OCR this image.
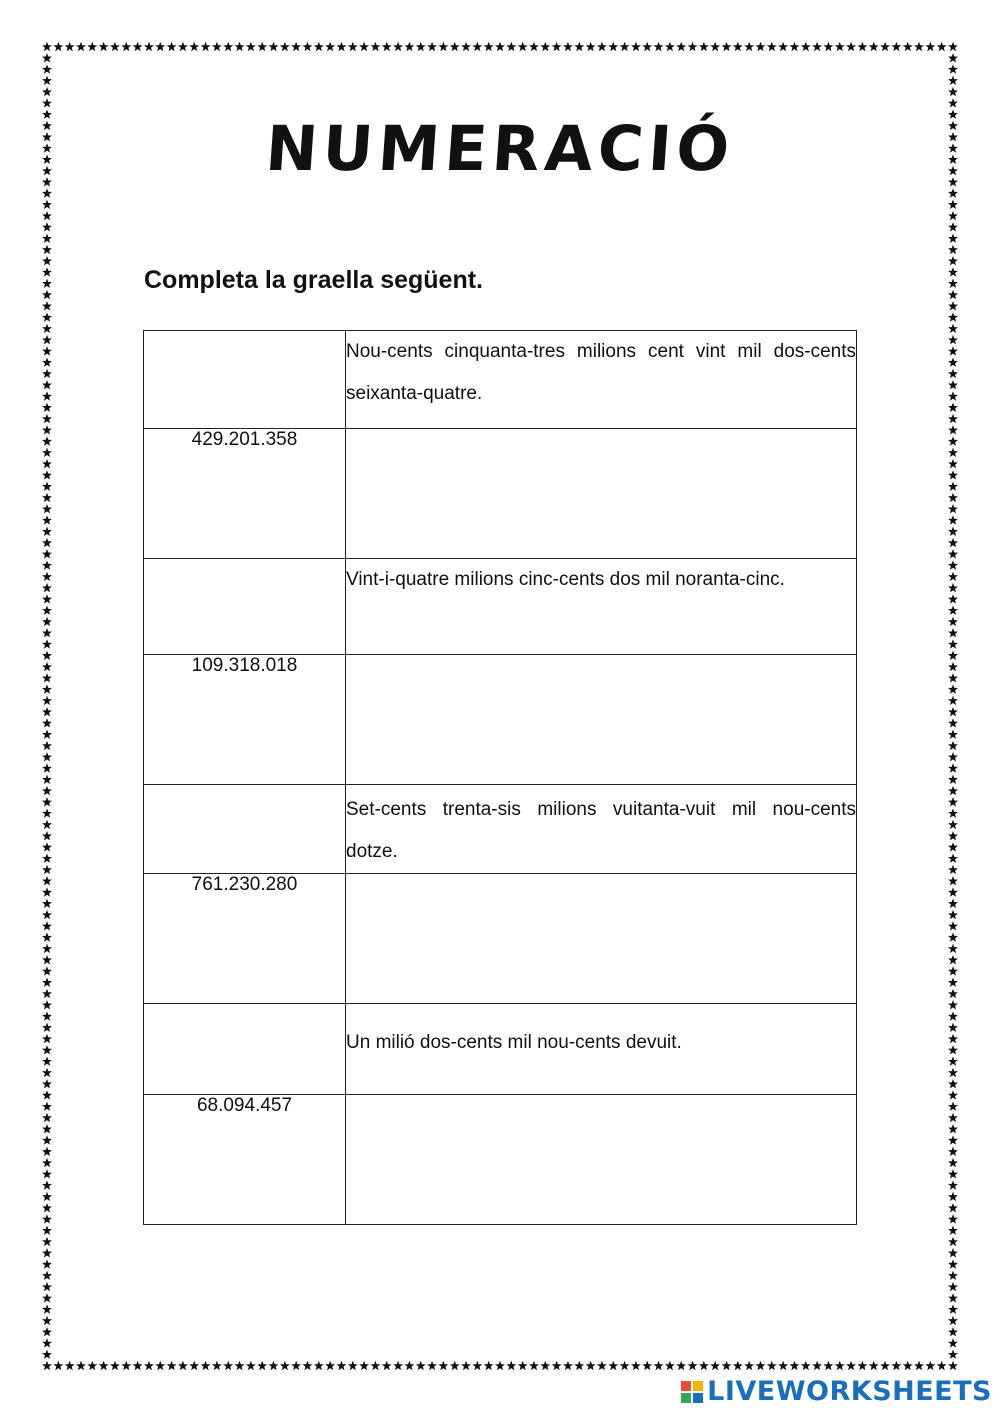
NUMERACIÓ
Completa la graella següent.

	Nou-cents cinquanta-tres milions cent vint mil dos-cents seixanta-quatre.

429.201.358	

	Vint-i-quatre milions cinc-cents dos mil noranta-cinc.

109.318.018	

	Set-cents trenta-sis milions vuitanta-vuit mil nou-cents dotze.

761.230.280	

	Un milió dos-cents mil nou-cents devuit.

68.094.457	
LIVEWORKSHEETS
